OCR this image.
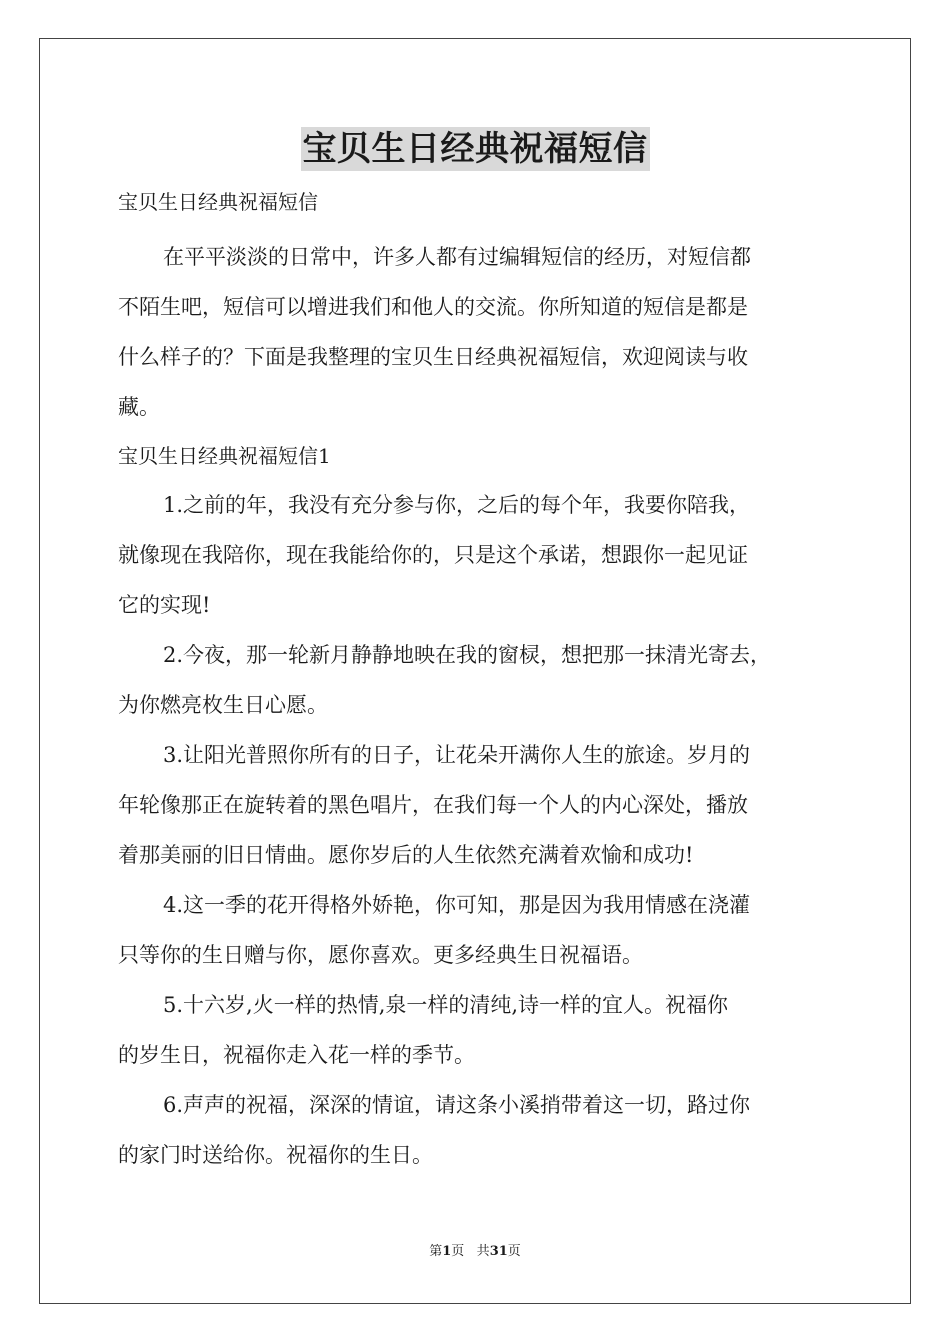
宝贝生日经典祝福短信

宝贝生日经典祝福短信

在平平淡淡的日常中，许多人都有过编辑短信的经历，对短信都

不陌生吧，短信可以增进我们和他人的交流。你所知道的短信是都是

什么样子的？下面是我整理的宝贝生日经典祝福短信，欢迎阅读与收

藏。

宝贝生日经典祝福短信1

1.之前的年，我没有充分参与你，之后的每个年，我要你陪我，

就像现在我陪你，现在我能给你的，只是这个承诺，想跟你一起见证

它的实现!

2.今夜，那一轮新月静静地映在我的窗棂，想把那一抹清光寄去，

为你燃亮枚生日心愿。

3.让阳光普照你所有的日子，让花朵开满你人生的旅途。岁月的

年轮像那正在旋转着的黑色唱片，在我们每一个人的内心深处，播放

着那美丽的旧日情曲。愿你岁后的人生依然充满着欢愉和成功!

4.这一季的花开得格外娇艳，你可知，那是因为我用情感在浇灌

只等你的生日赠与你，愿你喜欢。更多经典生日祝福语。

5.十六岁,火一样的热情,泉一样的清纯,诗一样的宜人。祝福你

的岁生日，祝福你走入花一样的季节。

6.声声的祝福，深深的情谊，请这条小溪捎带着这一切，路过你

的家门时送给你。祝福你的生日。

第1页 共31页
